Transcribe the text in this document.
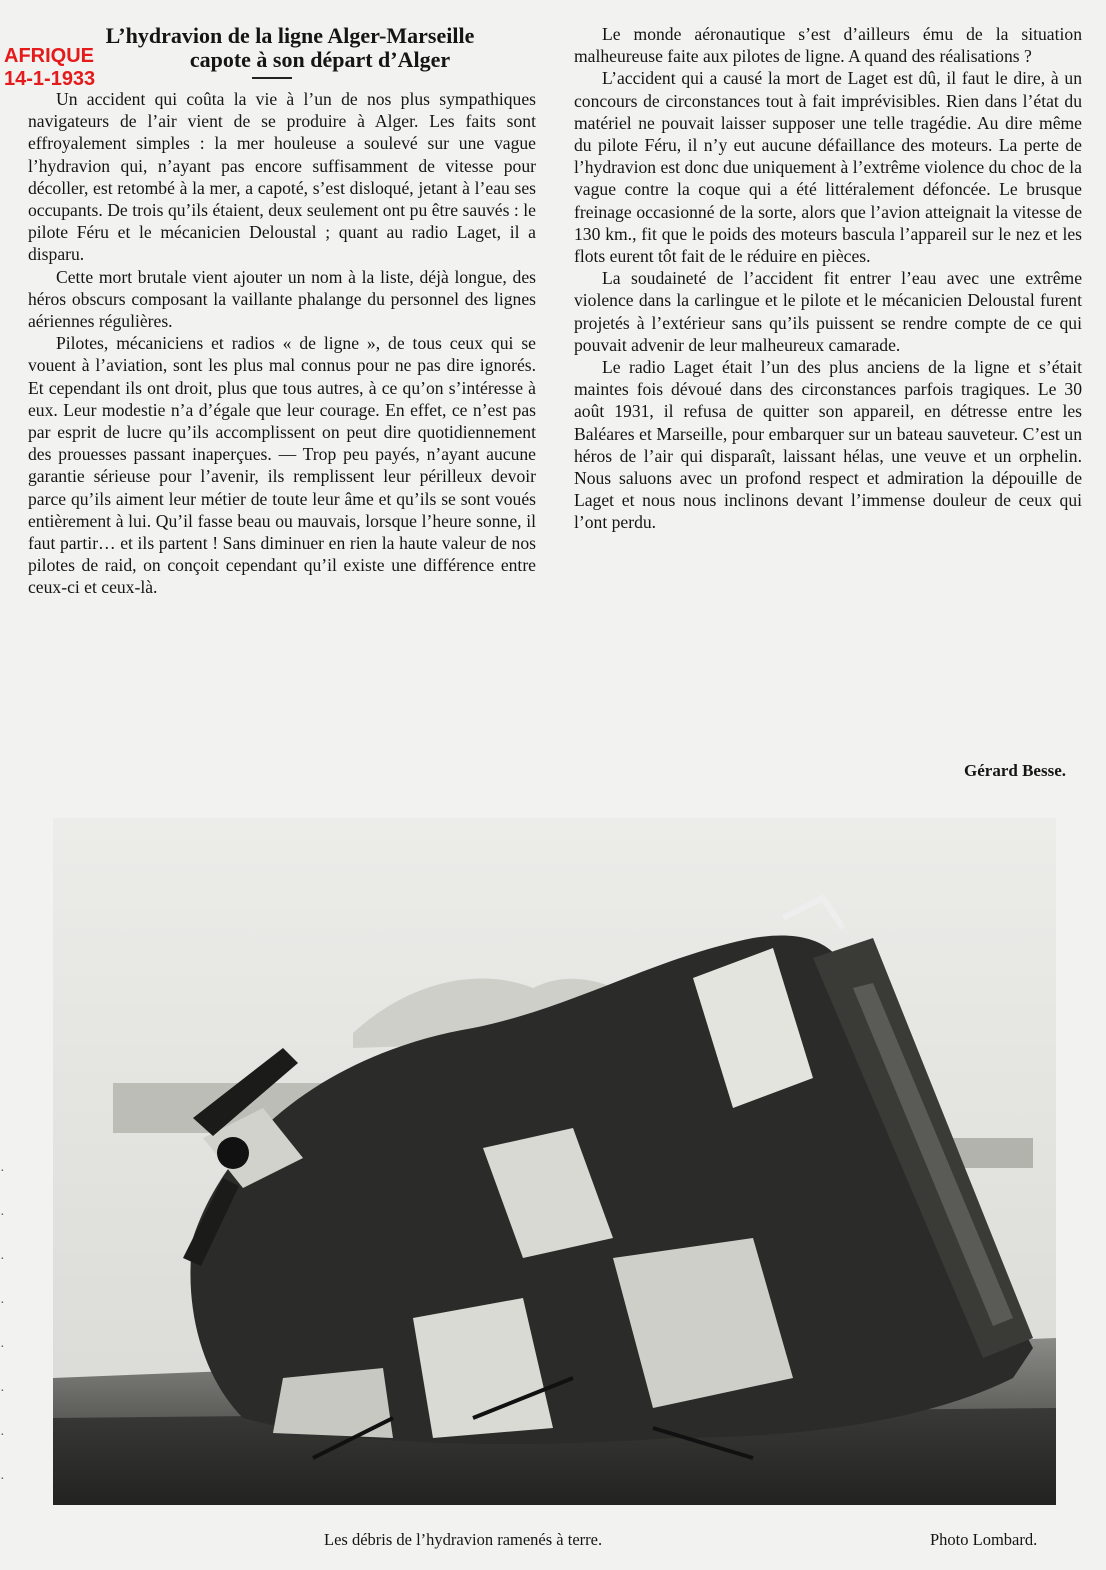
AFRIQUE
14-1-1933
L’hydravion de la ligne Alger-Marseille
capote à son départ d’Alger

Un accident qui coûta la vie à l’un de nos plus sympathiques navigateurs de l’air vient de se produire à Alger. Les faits sont effroyalement simples : la mer houleuse a soulevé sur une vague l’hydravion qui, n’ayant pas encore suffisamment de vitesse pour décoller, est retombé à la mer, a capoté, s’est disloqué, jetant à l’eau ses occupants. De trois qu’ils étaient, deux seulement ont pu être sauvés : le pilote Féru et le mécanicien Deloustal ; quant au radio Laget, il a disparu.

Cette mort brutale vient ajouter un nom à la liste, déjà longue, des héros obscurs composant la vaillante phalange du personnel des lignes aériennes régulières.

Pilotes, mécaniciens et radios « de ligne », de tous ceux qui se vouent à l’aviation, sont les plus mal connus pour ne pas dire ignorés. Et cependant ils ont droit, plus que tous autres, à ce qu’on s’intéresse à eux. Leur modestie n’a d’égale que leur courage. En effet, ce n’est pas par esprit de lucre qu’ils accomplissent on peut dire quotidiennement des prouesses passant inaperçues. — Trop peu payés, n’ayant aucune garantie sérieuse pour l’avenir, ils remplissent leur périlleux devoir parce qu’ils aiment leur métier de toute leur âme et qu’ils se sont voués entièrement à lui. Qu’il fasse beau ou mauvais, lorsque l’heure sonne, il faut partir… et ils partent ! Sans diminuer en rien la haute valeur de nos pilotes de raid, on conçoit cependant qu’il existe une différence entre ceux-ci et ceux-là.

Le monde aéronautique s’est d’ailleurs ému de la situation malheureuse faite aux pilotes de ligne. A quand des réalisations ?

L’accident qui a causé la mort de Laget est dû, il faut le dire, à un concours de circonstances tout à fait imprévisibles. Rien dans l’état du matériel ne pouvait laisser supposer une telle tragédie. Au dire même du pilote Féru, il n’y eut aucune défaillance des moteurs. La perte de l’hydravion est donc due uniquement à l’extrême violence du choc de la vague contre la coque qui a été littéralement défoncée. Le brusque freinage occasionné de la sorte, alors que l’avion atteignait la vitesse de 130 km., fit que le poids des moteurs bascula l’appareil sur le nez et les flots eurent tôt fait de le réduire en pièces.

La soudaineté de l’accident fit entrer l’eau avec une extrême violence dans la carlingue et le pilote et le mécanicien Deloustal furent projetés à l’extérieur sans qu’ils puissent se rendre compte de ce qui pouvait advenir de leur malheureux camarade.

Le radio Laget était l’un des plus anciens de la ligne et s’était maintes fois dévoué dans des circonstances parfois tragiques. Le 30 août 1931, il refusa de quitter son appareil, en détresse entre les Baléares et Marseille, pour embarquer sur un bateau sauveteur. C’est un héros de l’air qui disparaît, laissant hélas, une veuve et un orphelin. Nous saluons avec un profond respect et admiration la dépouille de Laget et nous nous inclinons devant l’immense douleur de ceux qui l’ont perdu.

Gérard Besse.
Les débris de l’hydravion ramenés à terre.	Photo Lombard.
·
·
·
·
·
·
·
·
